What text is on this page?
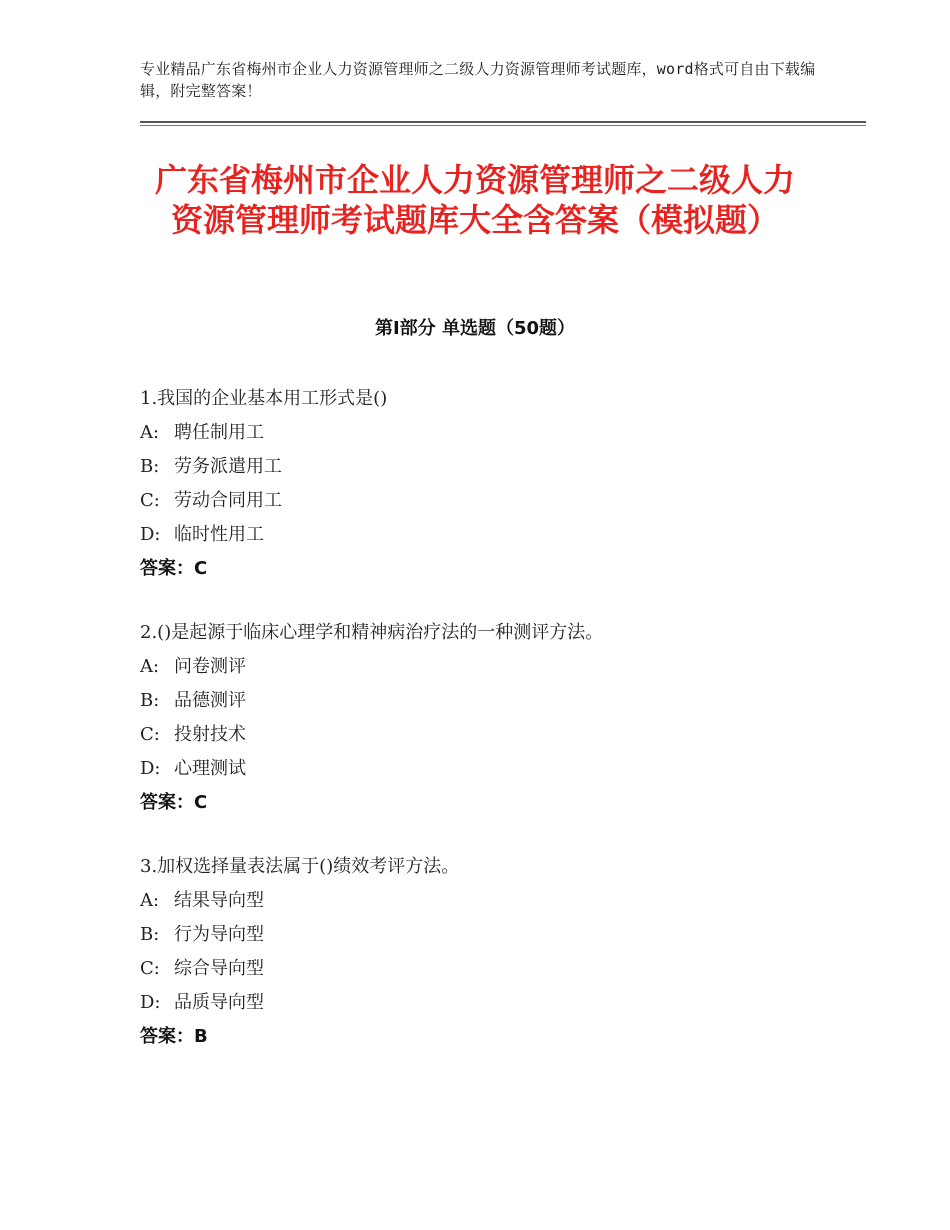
专业精品广东省梅州市企业人力资源管理师之二级人力资源管理师考试题库，word格式可自由下载编辑，附完整答案！
广东省梅州市企业人力资源管理师之二级人力资源管理师考试题库大全含答案（模拟题）
第Ⅰ部分 单选题（50题）
1.我国的企业基本用工形式是()
A: 聘任制用工
B: 劳务派遣用工
C: 劳动合同用工
D: 临时性用工
答案：C
2.()是起源于临床心理学和精神病治疗法的一种测评方法。
A: 问卷测评
B: 品德测评
C: 投射技术
D: 心理测试
答案：C
3.加权选择量表法属于()绩效考评方法。
A: 结果导向型
B: 行为导向型
C: 综合导向型
D: 品质导向型
答案：B
